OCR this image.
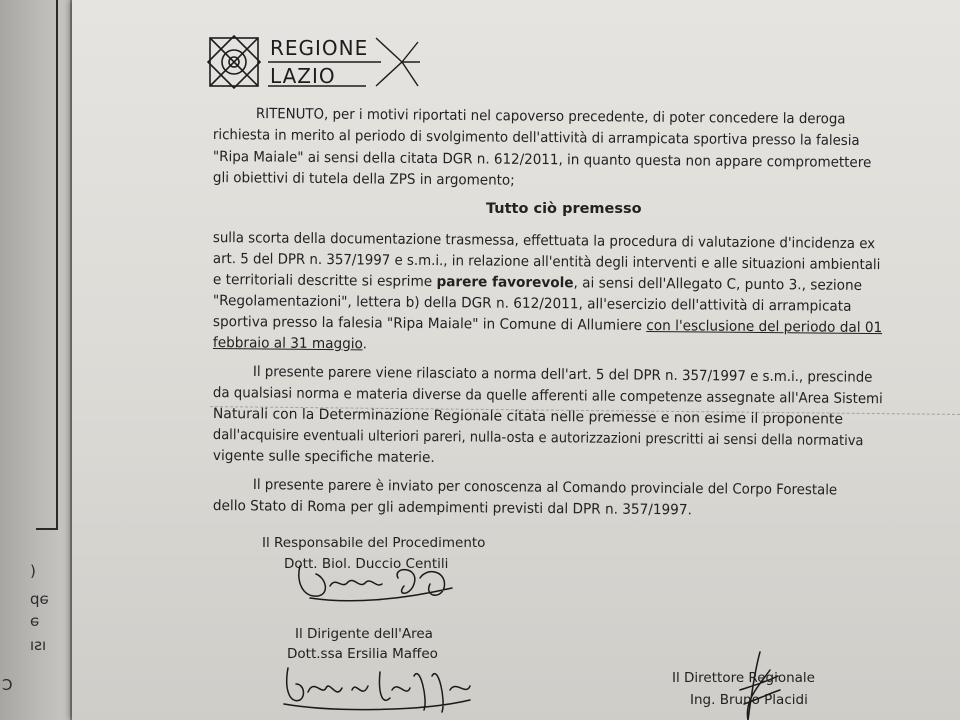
(
əp
ə
ısı
C
REGIONE
LAZIO
RITENUTO, per i motivi riportati nel capoverso precedente, di poter concedere la deroga
richiesta in merito al periodo di svolgimento dell'attività di arrampicata sportiva presso la falesia
"Ripa Maiale" ai sensi della citata DGR n. 612/2011, in quanto questa non appare compromettere
gli obiettivi di tutela della ZPS in argomento;
Tutto ciò premesso
sulla scorta della documentazione trasmessa, effettuata la procedura di valutazione d'incidenza ex
art. 5 del DPR n. 357/1997 e s.m.i., in relazione all'entità degli interventi e alle situazioni ambientali
e territoriali descritte si esprime parere favorevole, ai sensi dell'Allegato C, punto 3., sezione
"Regolamentazioni", lettera b) della DGR n. 612/2011, all'esercizio dell'attività di arrampicata
sportiva presso la falesia "Ripa Maiale" in Comune di Allumiere con l'esclusione del periodo dal 01
febbraio al 31 maggio.
Il presente parere viene rilasciato a norma dell'art. 5 del DPR n. 357/1997 e s.m.i., prescinde
da qualsiasi norma e materia diverse da quelle afferenti alle competenze assegnate all'Area Sistemi
Naturali con la Determinazione Regionale citata nelle premesse e non esime il proponente
dall'acquisire eventuali ulteriori pareri, nulla-osta e autorizzazioni prescritti ai sensi della normativa
vigente sulle specifiche materie.
Il presente parere è inviato per conoscenza al Comando provinciale del Corpo Forestale
dello Stato di Roma per gli adempimenti previsti dal DPR n. 357/1997.
Il Responsabile del Procedimento
Dott. Biol. Duccio Centili
Il Dirigente dell'Area
Dott.ssa Ersilia Maffeo
Il Direttore Regionale
Ing. Bruno Placidi
